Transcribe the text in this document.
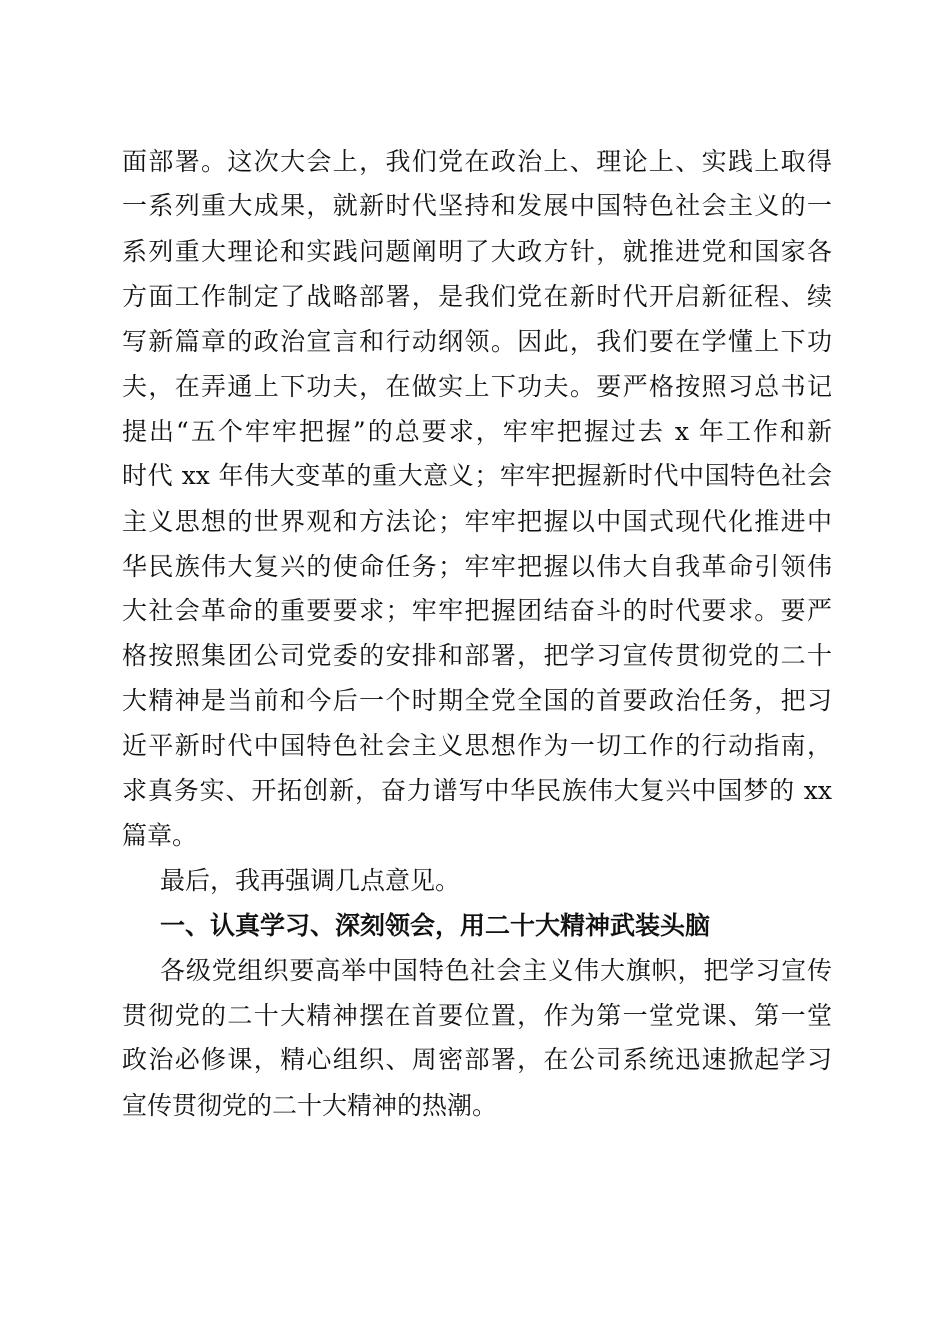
面部署。这次大会上，我们党在政治上、理论上、实践上取得
一系列重大成果，就新时代坚持和发展中国特色社会主义的一
系列重大理论和实践问题阐明了大政方针，就推进党和国家各
方面工作制定了战略部署，是我们党在新时代开启新征程、续
写新篇章的政治宣言和行动纲领。因此，我们要在学懂上下功
夫，在弄通上下功夫，在做实上下功夫。要严格按照习总书记
提出“五个牢牢把握”的总要求，牢牢把握过去 x 年工作和新
时代 xx 年伟大变革的重大意义；牢牢把握新时代中国特色社会
主义思想的世界观和方法论；牢牢把握以中国式现代化推进中
华民族伟大复兴的使命任务；牢牢把握以伟大自我革命引领伟
大社会革命的重要要求；牢牢把握团结奋斗的时代要求。要严
格按照集团公司党委的安排和部署，把学习宣传贯彻党的二十
大精神是当前和今后一个时期全党全国的首要政治任务，把习
近平新时代中国特色社会主义思想作为一切工作的行动指南，
求真务实、开拓创新，奋力谱写中华民族伟大复兴中国梦的 xx
篇章。
最后，我再强调几点意见。
一、认真学习、深刻领会，用二十大精神武装头脑
各级党组织要高举中国特色社会主义伟大旗帜，把学习宣传
贯彻党的二十大精神摆在首要位置，作为第一堂党课、第一堂
政治必修课，精心组织、周密部署，在公司系统迅速掀起学习
宣传贯彻党的二十大精神的热潮。
